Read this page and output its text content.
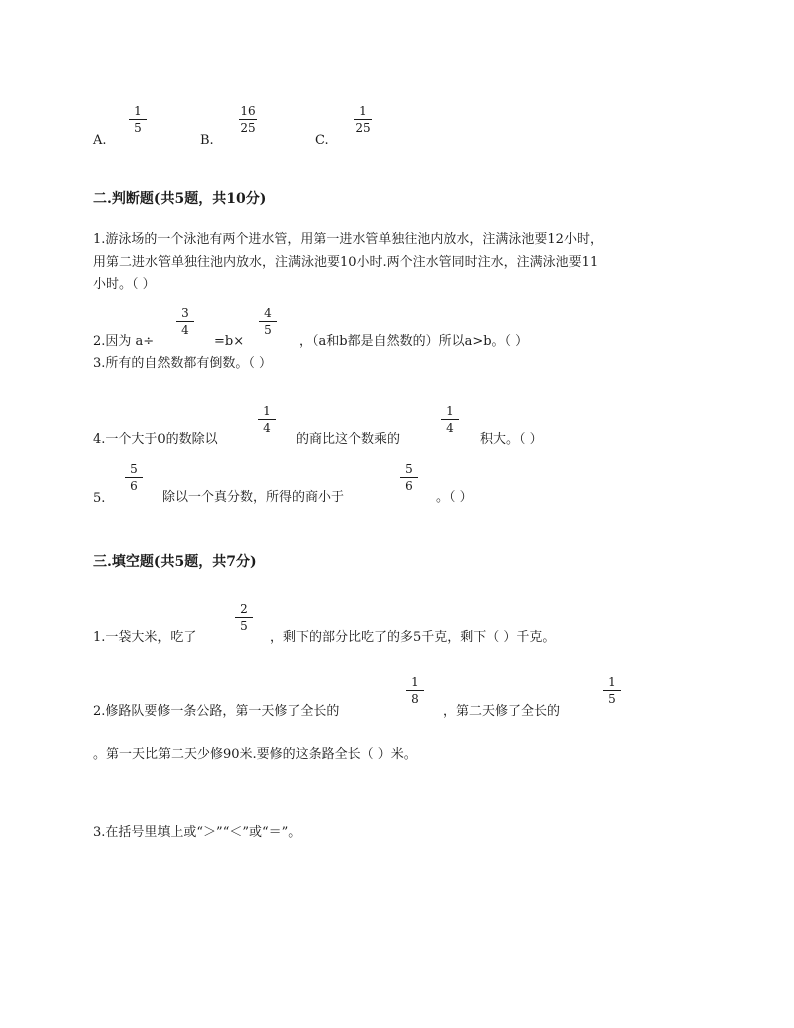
1
5
A.
16
25
B.
1
25
C.
二.判断题(共5题，共10分)
1.游泳场的一个泳池有两个进水管，用第一进水管单独往池内放水，注满泳池要12小时，
用第二进水管单独往池内放水，注满泳池要10小时.两个注水管同时注水，注满泳池要11
小时。（ ）
2.因为 a÷
3
4
=b×
4
5
，（a和b都是自然数的）所以a>b。（ ）
3.所有的自然数都有倒数。（ ）
4.一个大于0的数除以
1
4
的商比这个数乘的
1
4
积大。（ ）
5.
5
6
除以一个真分数，所得的商小于
5
6
。（ ）
三.填空题(共5题，共7分)
1.一袋大米，吃了
2
5
，剩下的部分比吃了的多5千克，剩下（ ）千克。
2.修路队要修一条公路，第一天修了全长的
1
8
，第二天修了全长的
1
5
。第一天比第二天少修90米.要修的这条路全长（ ）米。
3.在括号里填上或“＞”“＜”或“＝”。
